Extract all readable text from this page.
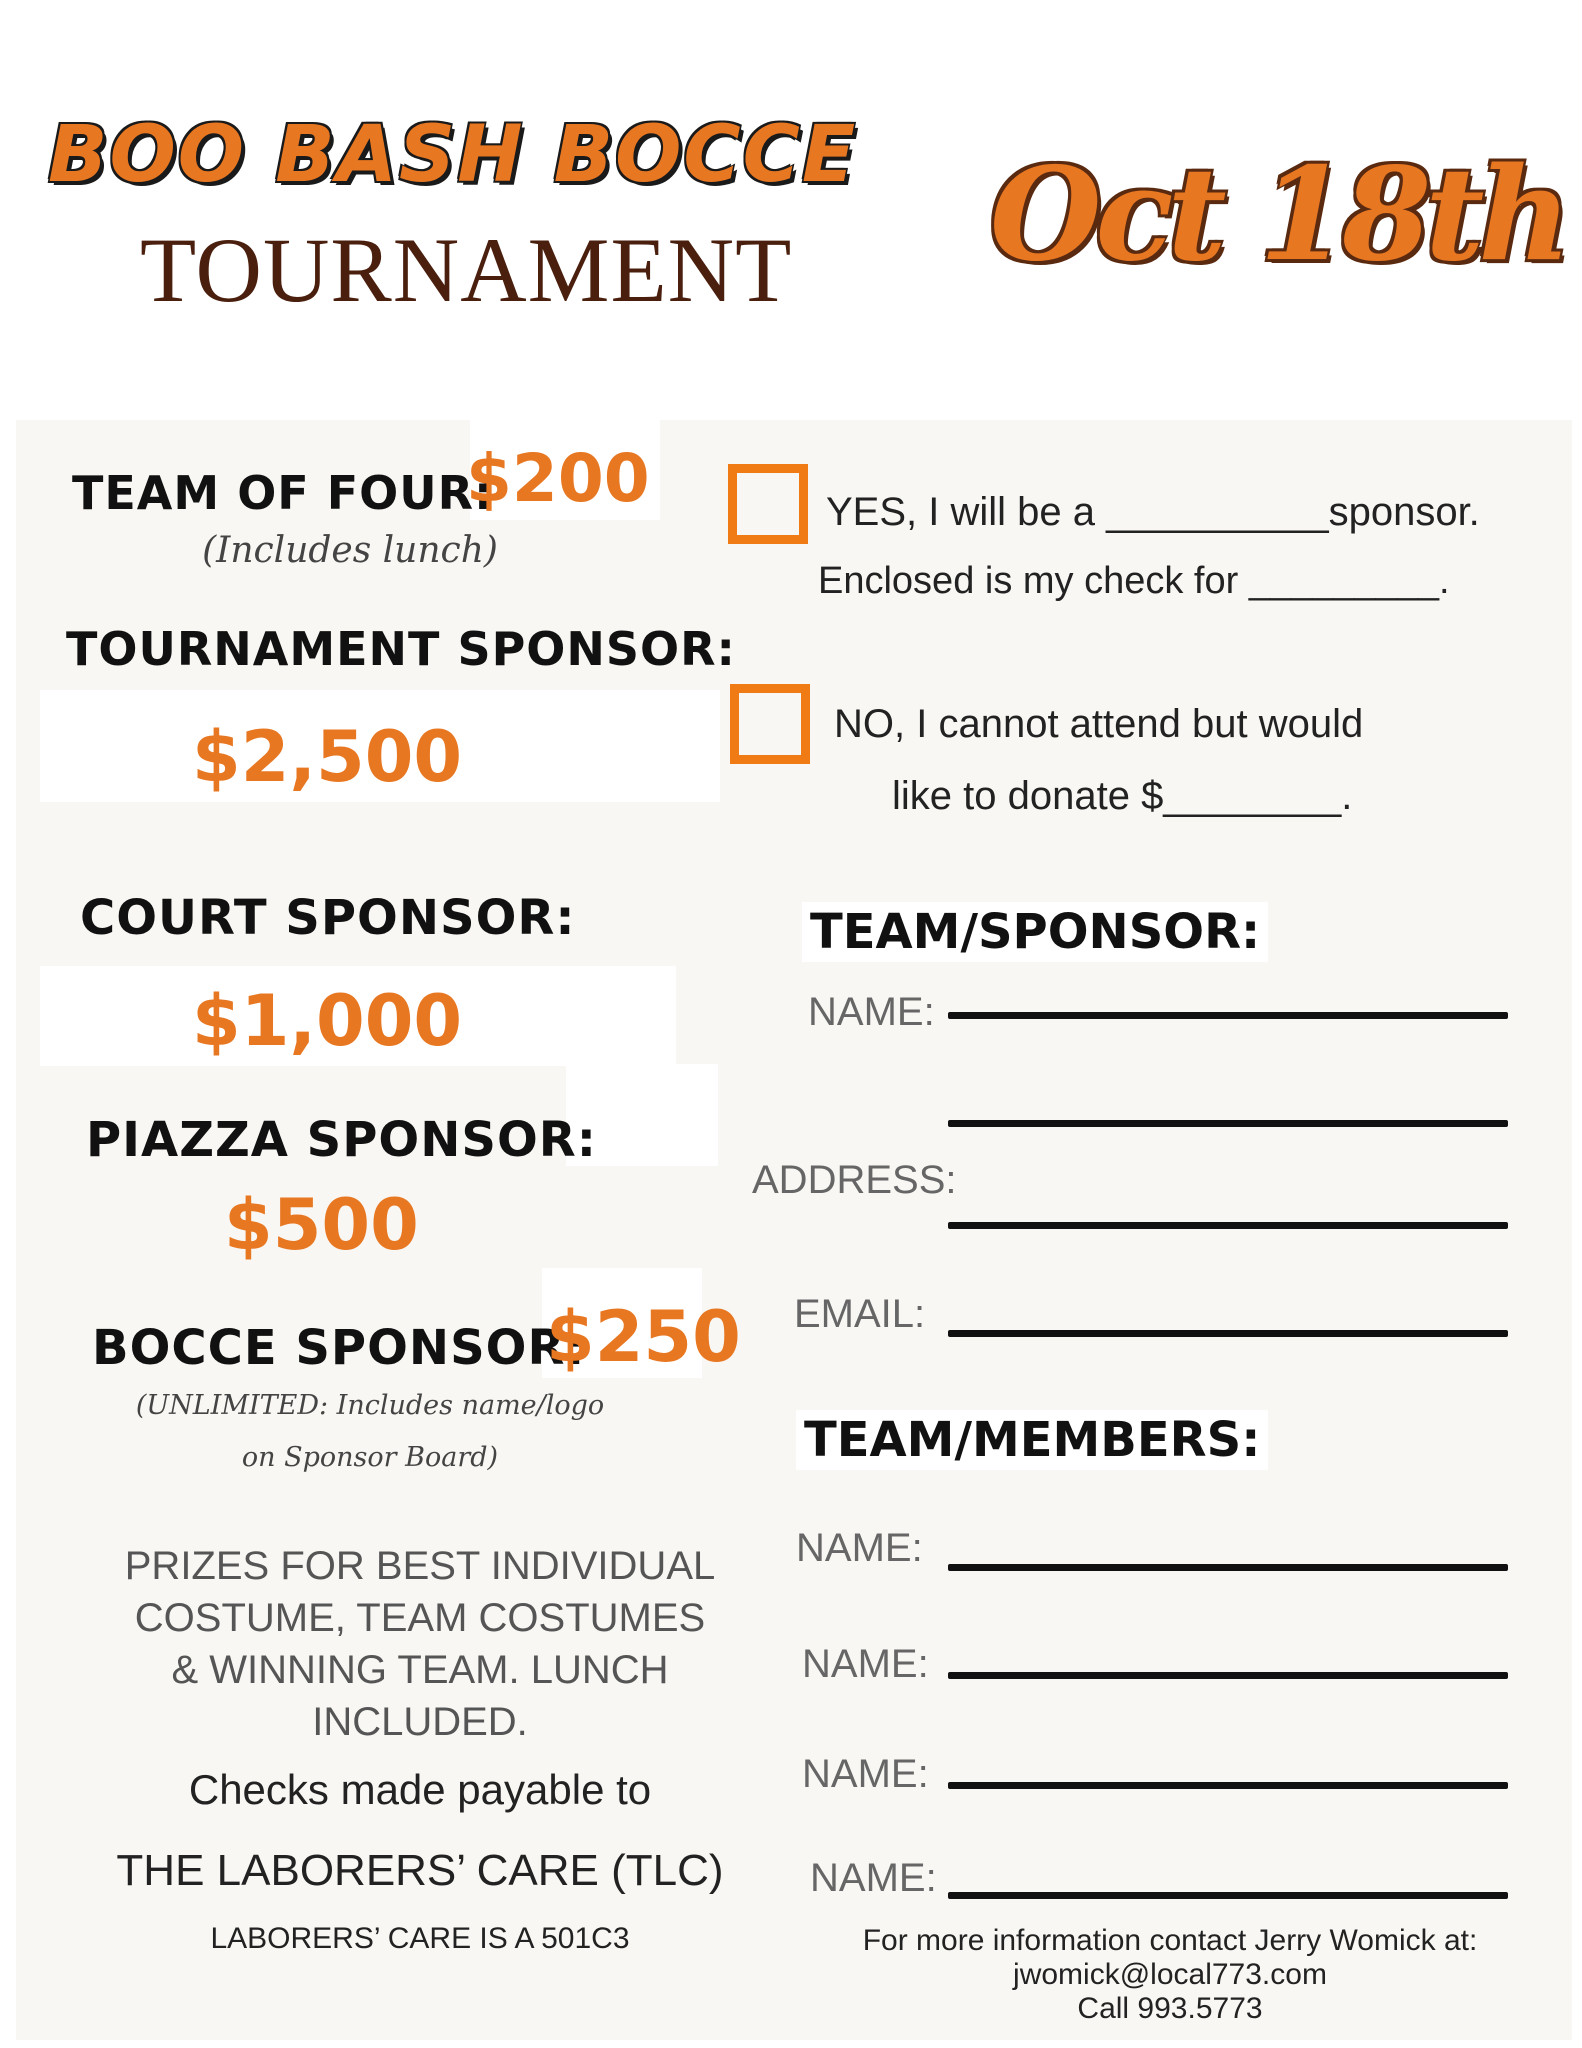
BOO BASH BOCCE
TOURNAMENT Oct 18th
TEAM OF FOUR:
$200
(Includes lunch)
TOURNAMENT SPONSOR:
$2,500
COURT SPONSOR:
$1,000
PIAZZA SPONSOR:
$500
BOCCE SPONSOR:
$250
(UNLIMITED: Includes name/logo
on Sponsor Board)
PRIZES FOR BEST INDIVIDUAL
COSTUME, TEAM COSTUMES
& WINNING TEAM. LUNCH
INCLUDED.
Checks made payable to
THE LABORERS’ CARE (TLC)
LABORERS’ CARE IS A 501C3
YES, I will be a __________sponsor.
Enclosed is my check for _________.
NO, I cannot attend but would
like to donate $________.
TEAM/SPONSOR:
NAME:
ADDRESS:
EMAIL:
TEAM/MEMBERS:
NAME:
NAME:
NAME:
NAME:
For more information contact Jerry Womick at:
jwomick@local773.com
Call 993.5773
